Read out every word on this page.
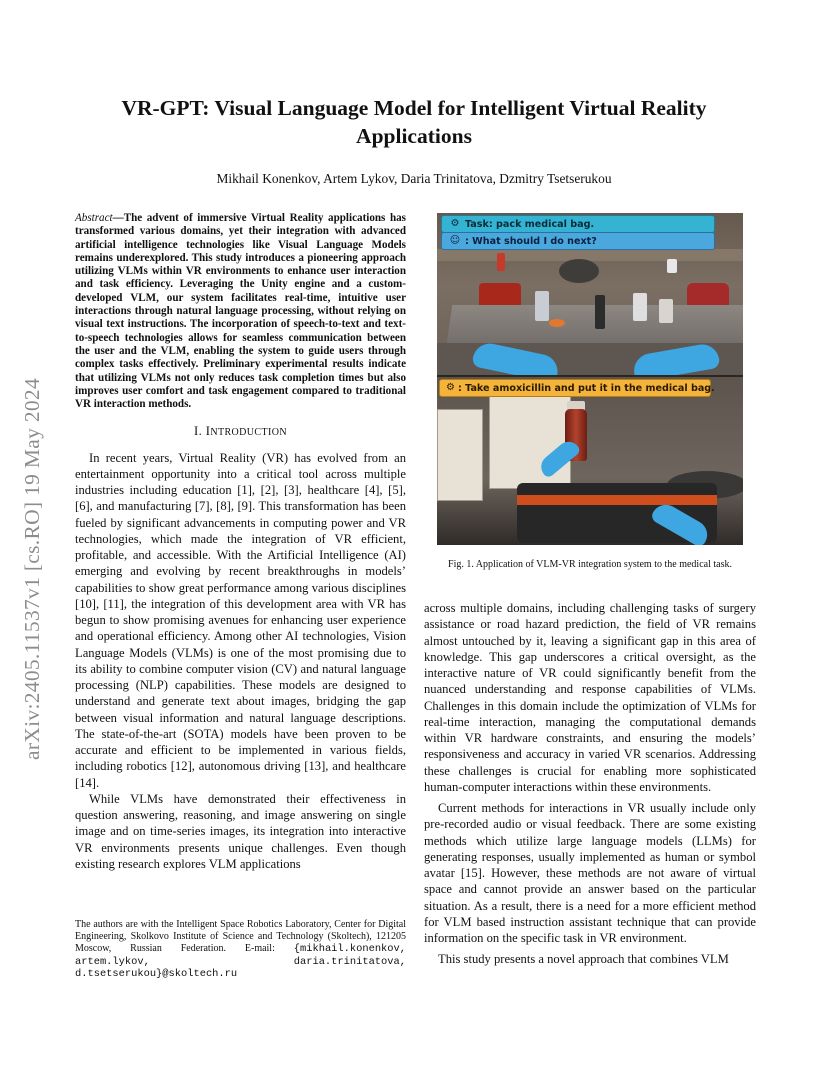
arXiv:2405.11537v1 [cs.RO] 19 May 2024
VR-GPT: Visual Language Model for Intelligent Virtual Reality
Applications
Mikhail Konenkov, Artem Lykov, Daria Trinitatova, Dzmitry Tsetserukou

Abstract—The advent of immersive Virtual Reality applications has transformed various domains, yet their integration with advanced artificial intelligence technologies like Visual Language Models remains underexplored. This study introduces a pioneering approach utilizing VLMs within VR environments to enhance user interaction and task efficiency. Leveraging the Unity engine and a custom-developed VLM, our system facilitates real-time, intuitive user interactions through natural language processing, without relying on visual text instructions. The incorporation of speech-to-text and text-to-speech technologies allows for seamless communication between the user and the VLM, enabling the system to guide users through complex tasks effectively. Preliminary experimental results indicate that utilizing VLMs not only reduces task completion times but also improves user comfort and task engagement compared to traditional VR interaction methods.

I. INTRODUCTION

In recent years, Virtual Reality (VR) has evolved from an entertainment opportunity into a critical tool across multiple industries including education [1], [2], [3], healthcare [4], [5], [6], and manufacturing [7], [8], [9]. This transformation has been fueled by significant advancements in computing power and VR technologies, which made the integration of VR efficient, profitable, and accessible. With the Artificial Intelligence (AI) emerging and evolving by recent breakthroughs in models’ capabilities to show great performance among various disciplines [10], [11], the integration of this development area with VR has begun to show promising avenues for enhancing user experience and operational efficiency. Among other AI technologies, Vision Language Models (VLMs) is one of the most promising due to its ability to combine computer vision (CV) and natural language processing (NLP) capabilities. These models are designed to understand and generate text about images, bridging the gap between visual information and natural language descriptions. The state-of-the-art (SOTA) models have been proven to be accurate and efficient to be implemented in various fields, including robotics [12], autonomous driving [13], and healthcare [14].

While VLMs have demonstrated their effectiveness in question answering, reasoning, and image answering on single image and on time-series images, its integration into interactive VR environments presents unique challenges. Even though existing research explores VLM applications

The authors are with the Intelligent Space Robotics Laboratory, Center for Digital Engineering, Skolkovo Institute of Science and Technology (Skoltech), 121205 Moscow, Russian Federation. E-mail: {mikhail.konenkov, artem.lykov, daria.trinitatova, d.tsetserukou}@skoltech.ru
⚙ Task: pack medical bag.
☺ : What should I do next?
⚙ : Take amoxicillin and put it in the medical bag.
Fig. 1. Application of VLM-VR integration system to the medical task.

across multiple domains, including challenging tasks of surgery assistance or road hazard prediction, the field of VR remains almost untouched by it, leaving a significant gap in this area of knowledge. This gap underscores a critical oversight, as the interactive nature of VR could significantly benefit from the nuanced understanding and response capabilities of VLMs. Challenges in this domain include the optimization of VLMs for real-time interaction, managing the computational demands within VR hardware constraints, and ensuring the models’ responsiveness and accuracy in varied VR scenarios. Addressing these challenges is crucial for enabling more sophisticated human-computer interactions within these environments.

Current methods for interactions in VR usually include only pre-recorded audio or visual feedback. There are some existing methods which utilize large language models (LLMs) for generating responses, usually implemented as human or symbol avatar [15]. However, these methods are not aware of virtual space and cannot provide an answer based on the particular situation. As a result, there is a need for a more efficient method for VLM based instruction assistant technique that can provide information on the specific task in VR environment.

This study presents a novel approach that combines VLM
